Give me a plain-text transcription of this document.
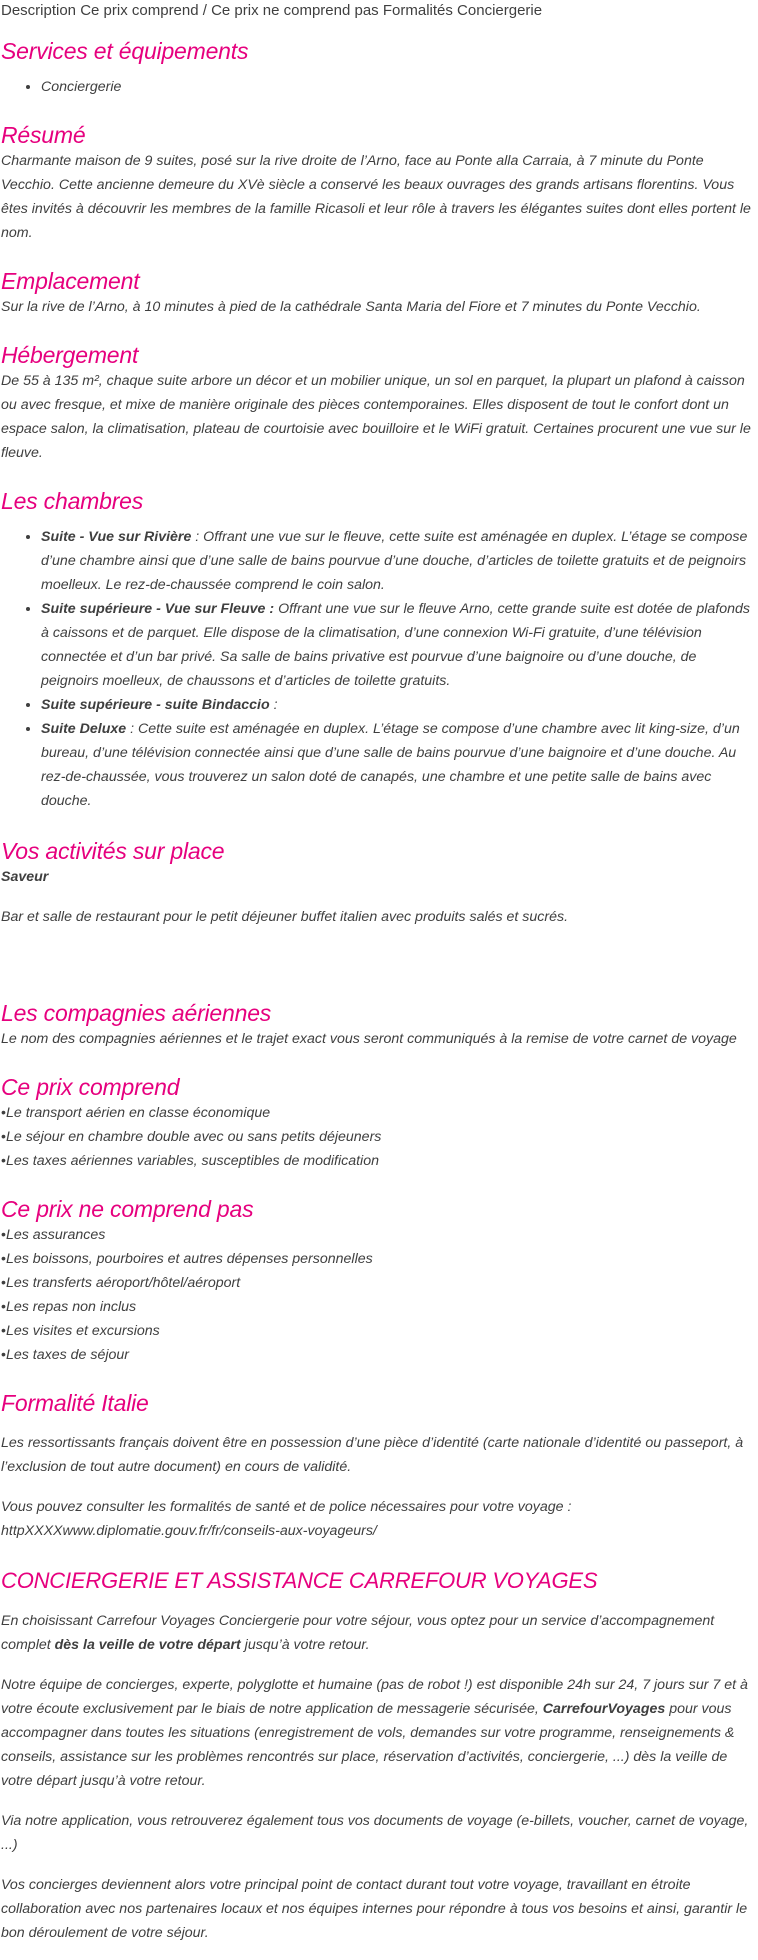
Description Ce prix comprend / Ce prix ne comprend pas Formalités Conciergerie
Services et équipements
• Conciergerie
Résumé

Charmante maison de 9 suites, posé sur la rive droite de l’Arno, face au Ponte alla Carraia, à 7 minute du Ponte Vecchio. Cette ancienne demeure du XVè siècle a conservé les beaux ouvrages des grands artisans florentins. Vous êtes invités à découvrir les membres de la famille Ricasoli et leur rôle à travers les élégantes suites dont elles portent le nom.

Emplacement

Sur la rive de l’Arno, à 10 minutes à pied de la cathédrale Santa Maria del Fiore et 7 minutes du Ponte Vecchio.

Hébergement

De 55 à 135 m², chaque suite arbore un décor et un mobilier unique, un sol en parquet, la plupart un plafond à caisson ou avec fresque, et mixe de manière originale des pièces contemporaines. Elles disposent de tout le confort dont un espace salon, la climatisation, plateau de courtoisie avec bouilloire et le WiFi gratuit. Certaines procurent une vue sur le fleuve.

Les chambres
• Suite - Vue sur Rivière : Offrant une vue sur le fleuve, cette suite est aménagée en duplex. L’étage se compose d’une chambre ainsi que d’une salle de bains pourvue d’une douche, d’articles de toilette gratuits et de peignoirs moelleux. Le rez-de-chaussée comprend le coin salon.
• Suite supérieure - Vue sur Fleuve : Offrant une vue sur le fleuve Arno, cette grande suite est dotée de plafonds à caissons et de parquet. Elle dispose de la climatisation, d’une connexion Wi-Fi gratuite, d’une télévision connectée et d’un bar privé. Sa salle de bains privative est pourvue d’une baignoire ou d’une douche, de peignoirs moelleux, de chaussons et d’articles de toilette gratuits.
• Suite supérieure - suite Bindaccio :
• Suite Deluxe : Cette suite est aménagée en duplex. L’étage se compose d’une chambre avec lit king-size, d’un bureau, d’une télévision connectée ainsi que d’une salle de bains pourvue d’une baignoire et d’une douche. Au rez-de-chaussée, vous trouverez un salon doté de canapés, une chambre et une petite salle de bains avec douche.
Vos activités sur place

Saveur

Bar et salle de restaurant pour le petit déjeuner buffet italien avec produits salés et sucrés.

Les compagnies aériennes

Le nom des compagnies aériennes et le trajet exact vous seront communiqués à la remise de votre carnet de voyage

Ce prix comprend
• Le transport aérien en classe économique
• Le séjour en chambre double avec ou sans petits déjeuners
• Les taxes aériennes variables, susceptibles de modification
Ce prix ne comprend pas
• Les assurances
• Les boissons, pourboires et autres dépenses personnelles
• Les transferts aéroport/hôtel/aéroport
• Les repas non inclus
• Les visites et excursions
• Les taxes de séjour
Formalité Italie

Les ressortissants français doivent être en possession d’une pièce d’identité (carte nationale d’identité ou passeport, à l’exclusion de tout autre document) en cours de validité.

Vous pouvez consulter les formalités de santé et de police nécessaires pour votre voyage :
httpXXXXwww.diplomatie.gouv.fr/fr/conseils-aux-voyageurs/

CONCIERGERIE ET ASSISTANCE CARREFOUR VOYAGES

En choisissant Carrefour Voyages Conciergerie pour votre séjour, vous optez pour un service d’accompagnement complet dès la veille de votre départ jusqu’à votre retour.

Notre équipe de concierges, experte, polyglotte et humaine (pas de robot !) est disponible 24h sur 24, 7 jours sur 7 et à votre écoute exclusivement par le biais de notre application de messagerie sécurisée, CarrefourVoyages pour vous accompagner dans toutes les situations (enregistrement de vols, demandes sur votre programme, renseignements & conseils, assistance sur les problèmes rencontrés sur place, réservation d’activités, conciergerie, ...) dès la veille de votre départ jusqu’à votre retour.

Via notre application, vous retrouverez également tous vos documents de voyage (e-billets, voucher, carnet de voyage, ...)

Vos concierges deviennent alors votre principal point de contact durant tout votre voyage, travaillant en étroite collaboration avec nos partenaires locaux et nos équipes internes pour répondre à tous vos besoins et ainsi, garantir le bon déroulement de votre séjour.
